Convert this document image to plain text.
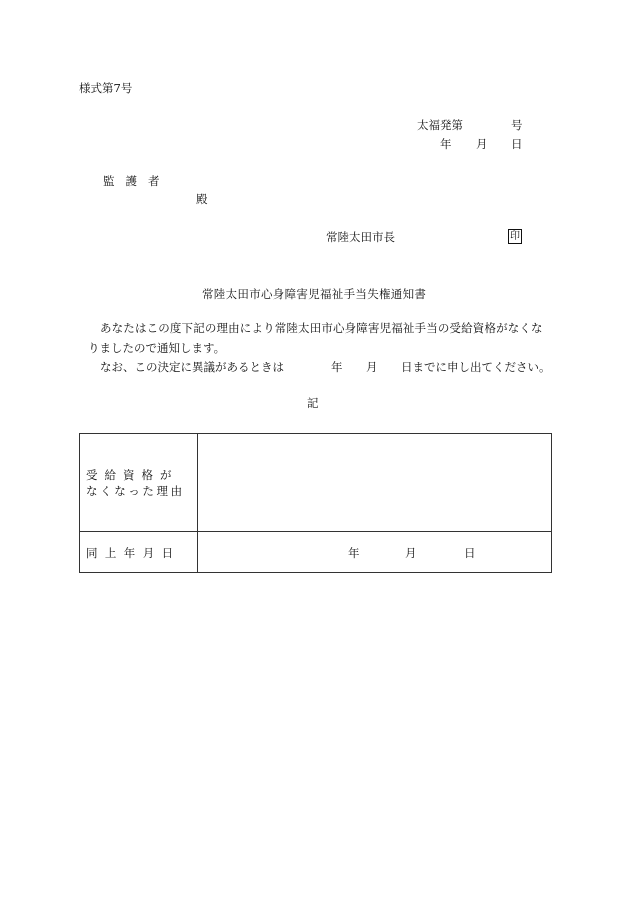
様式第7号
太福発第	号
年 月 日
監護者
殿
常陸太田市長	印
常陸太田市心身障害児福祉手当失権通知書
あなたはこの度下記の理由により常陸太田市心身障害児福祉手当の受給資格がなくな
りましたので通知します。
なお、この決定に異議があるときは	年 月 日までに申し出てください。
記
受給資格が
なくなった理由
同上年月日	年	月	日
